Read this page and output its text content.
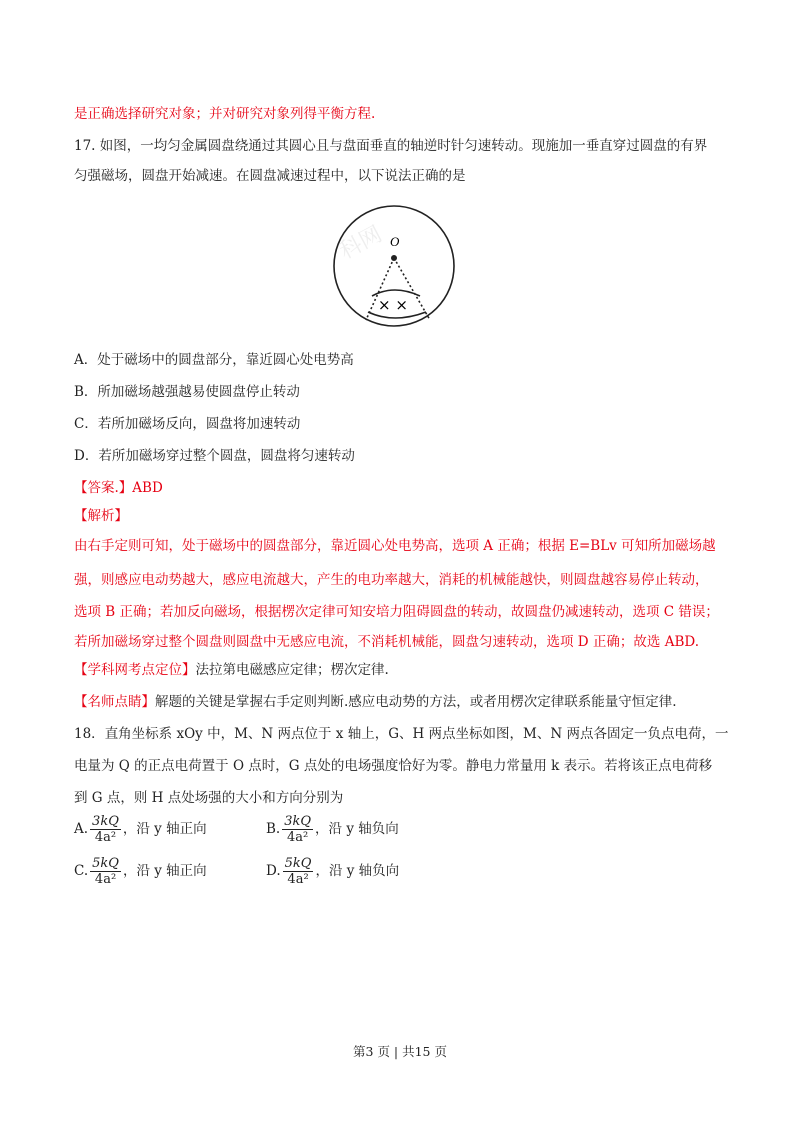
是正确选择研究对象；并对研究对象列得平衡方程.
17. 如图，一均匀金属圆盘绕通过其圆心且与盘面垂直的轴逆时针匀速转动。现施加一垂直穿过圆盘的有界
匀强磁场，圆盘开始减速。在圆盘减速过程中，以下说法正确的是
O
× ×
科网
A．处于磁场中的圆盘部分，靠近圆心处电势高
B．所加磁场越强越易使圆盘停止转动
C．若所加磁场反向，圆盘将加速转动
D．若所加磁场穿过整个圆盘，圆盘将匀速转动
【答案.】ABD
【解析】
由右手定则可知，处于磁场中的圆盘部分，靠近圆心处电势高，选项 A 正确；根据 E=BLv 可知所加磁场越
强，则感应电动势越大，感应电流越大，产生的电功率越大，消耗的机械能越快，则圆盘越容易停止转动，
选项 B 正确；若加反向磁场，根据楞次定律可知安培力阻碍圆盘的转动，故圆盘仍减速转动，选项 C 错误；
若所加磁场穿过整个圆盘则圆盘中无感应电流，不消耗机械能，圆盘匀速转动，选项 D 正确；故选 ABD.
【学科网考点定位】法拉第电磁感应定律；楞次定律.
【名师点睛】解题的关键是掌握右手定则判断.感应电动势的方法，或者用楞次定律联系能量守恒定律.
18．直角坐标系 xOy 中，M、N 两点位于 x 轴上，G、H 两点坐标如图，M、N 两点各固定一负点电荷，一
电量为 Q 的正点电荷置于 O 点时，G 点处的电场强度恰好为零。静电力常量用 k 表示。若将该正点电荷移
到 G 点，则 H 点处场强的大小和方向分别为
A. $\frac{3kQ}{\text{4a²}}$ ，沿 y 轴正向	B. $\frac{3kQ}{\text{4a²}}$ ，沿 y 轴负向
C. $\frac{5kQ}{\text{4a²}}$ ，沿 y 轴正向	D. $\frac{5kQ}{\text{4a²}}$ ，沿 y 轴负向
第3 页 | 共15 页
